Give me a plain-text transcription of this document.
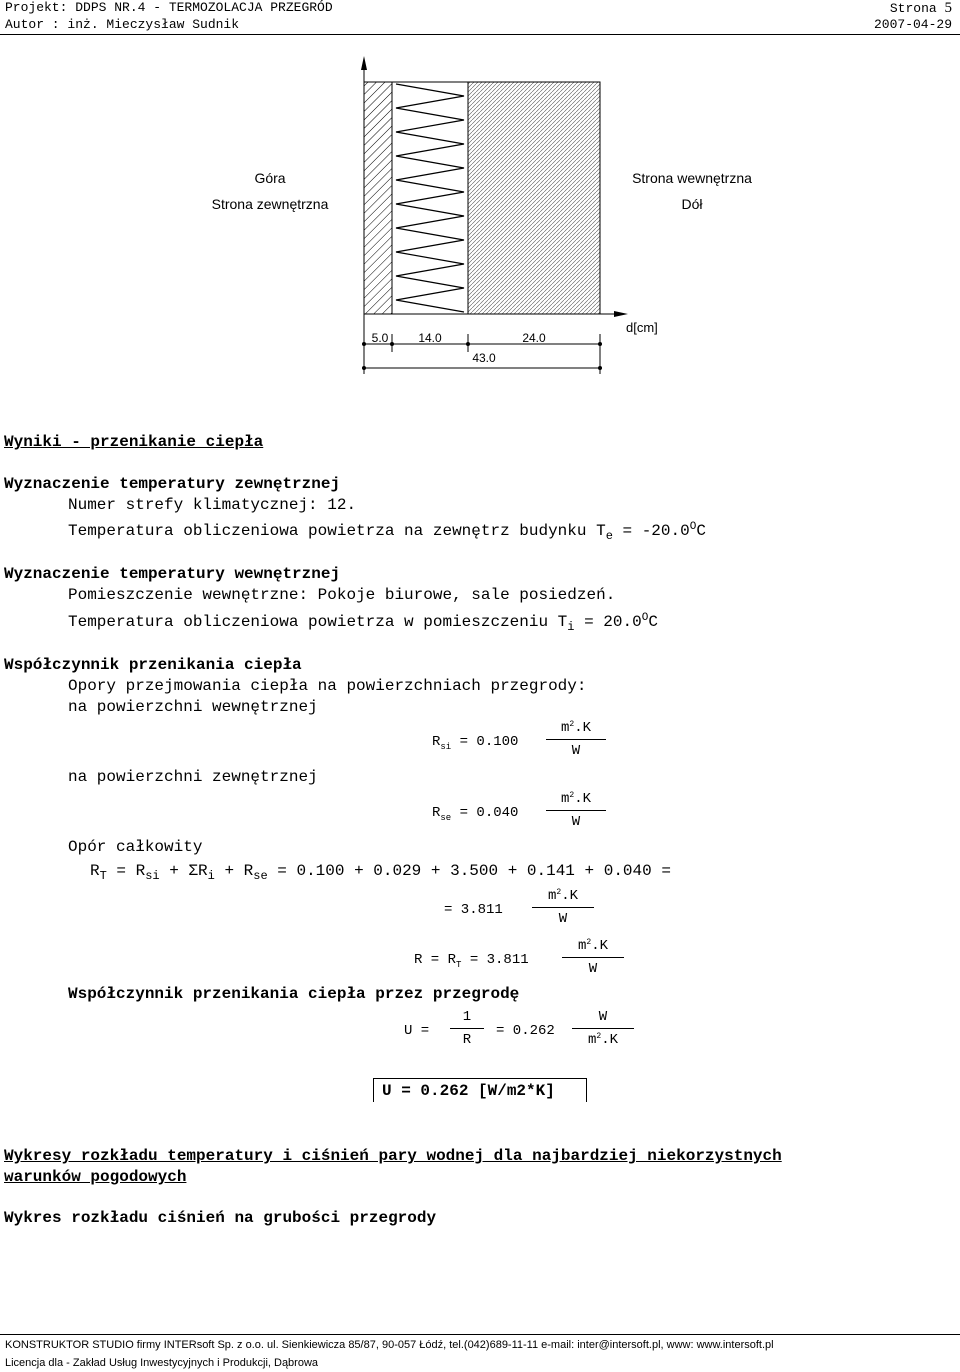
Projekt: DDPS NR.4 - TERMOZOLACJA PRZEGRÓD	Strona 5
Autor : inż. Mieczysław Sudnik	2007-04-29
Góra
Strona zewnętrzna
Strona wewnętrzna
Dół
d[cm]
5.0 14.0	24.0
43.0
Wyniki - przenikanie ciepła
Wyznaczenie temperatury zewnętrznej
Numer strefy klimatycznej: 12.
Temperatura obliczeniowa powietrza na zewnętrz budynku $T_e = -20.0^OC$
Wyznaczenie temperatury wewnętrznej
Pomieszczenie wewnętrzne: Pokoje biurowe, sale posiedzeń.
Temperatura obliczeniowa powietrza w pomieszczeniu $T_i = 20.0^OC$
Współczynnik przenikania ciepła
Opory przejmowania ciepła na powierzchniach przegrody:
na powierzchni wewnętrznej
$R_{si} = 0.100$
$m^2.K$
W
na powierzchni zewnętrznej
$R_{se} = 0.040$
$m^2.K$
W
Opór całkowity
$R_T = R_{si} + \Sigma R_i + R_{se} = 0.100 + 0.029 + 3.500 + 0.141 + 0.040$ =
= 3.811
$m^2.K$
W
$R = R_T = 3.811$
$m^2.K$
W
Współczynnik przenikania ciepła przez przegrodę
U =
1
R
= 0.262
W
$m^2.K$
U = 0.262 [W/m2*K]
Wykresy rozkładu temperatury i ciśnień pary wodnej dla najbardziej niekorzystnych
warunków pogodowych
Wykres rozkładu ciśnień na grubości przegrody
KONSTRUKTOR STUDIO firmy INTERsoft Sp. z o.o. ul. Sienkiewicza 85/87, 90-057 Łódź, tel.(042)689-11-11 e-mail: inter@intersoft.pl, www: www.intersoft.pl
Licencja dla - Zakład Usług Inwestycyjnych i Produkcji, Dąbrowa
